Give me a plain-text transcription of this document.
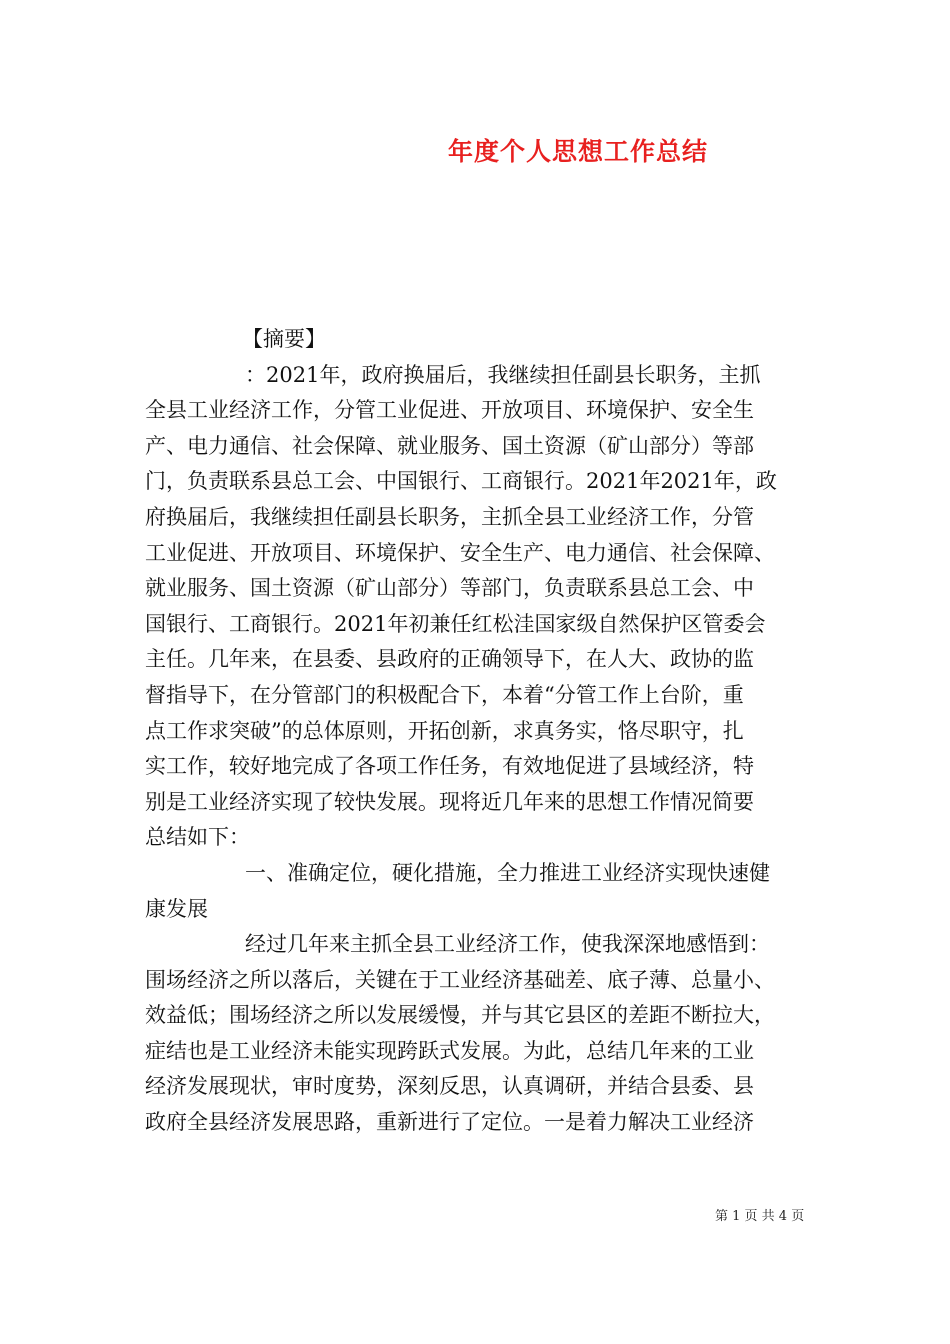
年度个人思想工作总结
【摘要】
：2021年，政府换届后，我继续担任副县长职务，主抓
全县工业经济工作，分管工业促进、开放项目、环境保护、安全生
产、电力通信、社会保障、就业服务、国土资源（矿山部分）等部
门，负责联系县总工会、中国银行、工商银行。2021年2021年，政
府换届后，我继续担任副县长职务，主抓全县工业经济工作，分管
工业促进、开放项目、环境保护、安全生产、电力通信、社会保障、
就业服务、国土资源（矿山部分）等部门，负责联系县总工会、中
国银行、工商银行。2021年初兼任红松洼国家级自然保护区管委会
主任。几年来，在县委、县政府的正确领导下，在人大、政协的监
督指导下，在分管部门的积极配合下，本着“分管工作上台阶，重
点工作求突破”的总体原则，开拓创新，求真务实，恪尽职守，扎
实工作，较好地完成了各项工作任务，有效地促进了县域经济，特
别是工业经济实现了较快发展。现将近几年来的思想工作情况简要
总结如下：
一、准确定位，硬化措施，全力推进工业经济实现快速健
康发展
经过几年来主抓全县工业经济工作，使我深深地感悟到：
围场经济之所以落后，关键在于工业经济基础差、底子薄、总量小、
效益低；围场经济之所以发展缓慢，并与其它县区的差距不断拉大，
症结也是工业经济未能实现跨跃式发展。为此，总结几年来的工业
经济发展现状，审时度势，深刻反思，认真调研，并结合县委、县
政府全县经济发展思路，重新进行了定位。一是着力解决工业经济
第 1 页 共 4 页
